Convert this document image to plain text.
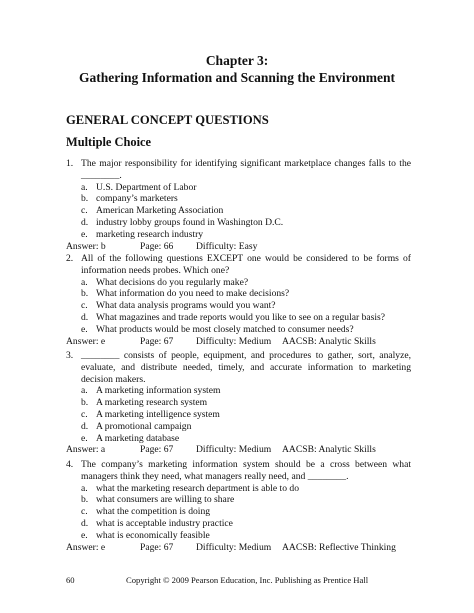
Chapter 3:
Gathering Information and Scanning the Environment
GENERAL CONCEPT QUESTIONS
Multiple Choice
1. The major responsibility for identifying significant marketplace changes falls to the ________.
a. U.S. Department of Labor
b. company’s marketers
c. American Marketing Association
d. industry lobby groups found in Washington D.C.
e. marketing research industry
Answer: b	Page: 66	Difficulty: Easy
2. All of the following questions EXCEPT one would be considered to be forms of information needs probes. Which one?
a. What decisions do you regularly make?
b. What information do you need to make decisions?
c. What data analysis programs would you want?
d. What magazines and trade reports would you like to see on a regular basis?
e. What products would be most closely matched to consumer needs?
Answer: e	Page: 67	Difficulty: Medium	AACSB: Analytic Skills
3. ________ consists of people, equipment, and procedures to gather, sort, analyze, evaluate, and distribute needed, timely, and accurate information to marketing decision makers.
a. A marketing information system
b. A marketing research system
c. A marketing intelligence system
d. A promotional campaign
e. A marketing database
Answer: a	Page: 67	Difficulty: Medium	AACSB: Analytic Skills
4. The company’s marketing information system should be a cross between what managers think they need, what managers really need, and ________.
a. what the marketing research department is able to do
b. what consumers are willing to share
c. what the competition is doing
d. what is acceptable industry practice
e. what is economically feasible
Answer: e	Page: 67	Difficulty: Medium	AACSB: Reflective Thinking
60	Copyright © 2009 Pearson Education, Inc. Publishing as Prentice Hall
